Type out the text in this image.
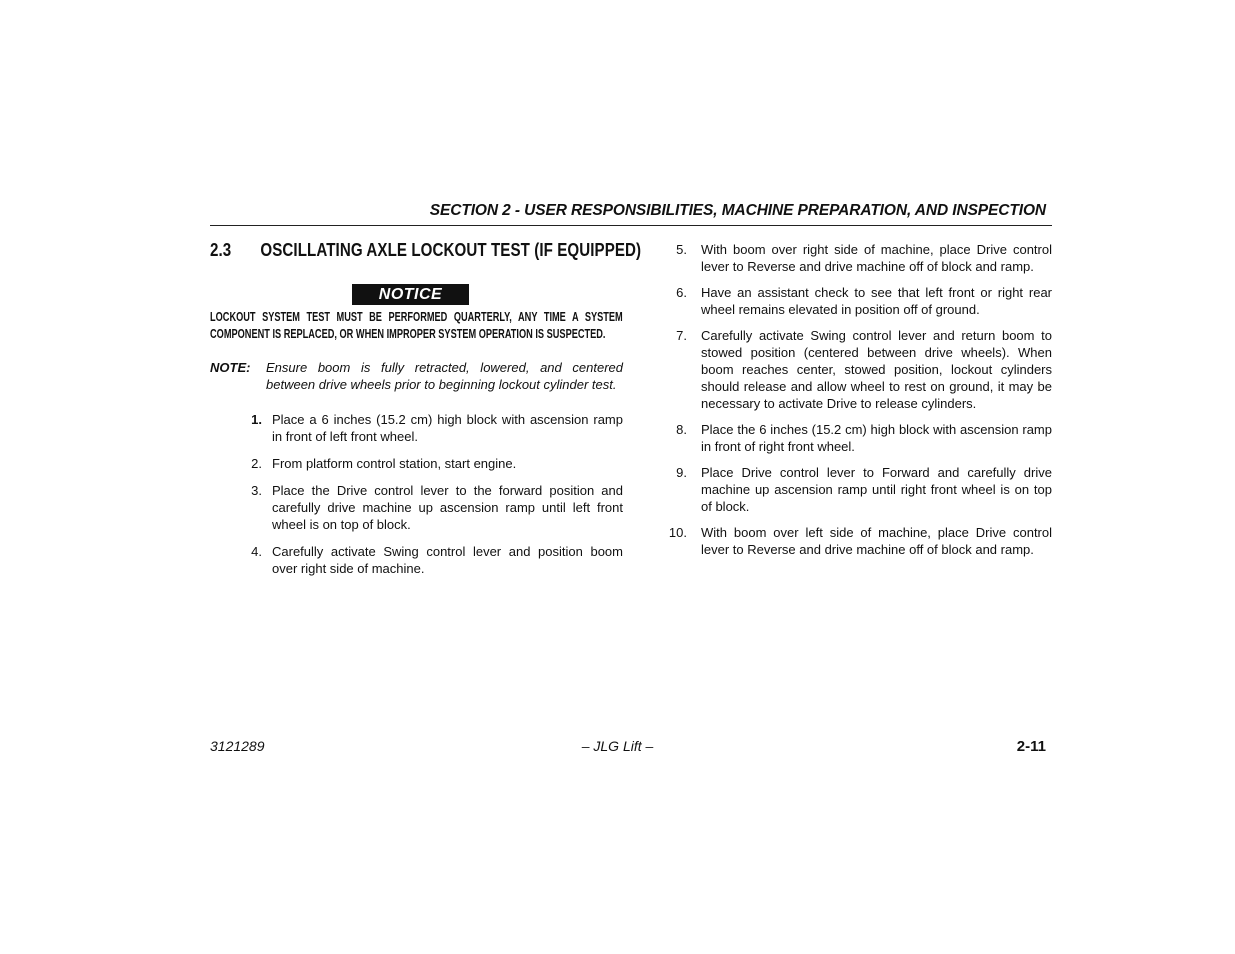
SECTION 2 - USER RESPONSIBILITIES, MACHINE PREPARATION, AND INSPECTION
2.3 OSCILLATING AXLE LOCKOUT TEST (IF EQUIPPED)
NOTICE

LOCKOUT SYSTEM TEST MUST BE PERFORMED QUARTERLY, ANY TIME A SYSTEM COMPONENT IS REPLACED, OR WHEN IMPROPER SYSTEM OPERATION IS SUSPECTED.

NOTE: Ensure boom is fully retracted, lowered, and centered between drive wheels prior to beginning lockout cylinder test.
1. Place a 6 inches (15.2 cm) high block with ascension ramp in front of left front wheel.
2. From platform control station, start engine.
3. Place the Drive control lever to the forward position and carefully drive machine up ascension ramp until left front wheel is on top of block.
4. Carefully activate Swing control lever and position boom over right side of machine.
5. With boom over right side of machine, place Drive control lever to Reverse and drive machine off of block and ramp.
6. Have an assistant check to see that left front or right rear wheel remains elevated in position off of ground.
7. Carefully activate Swing control lever and return boom to stowed position (centered between drive wheels). When boom reaches center, stowed position, lockout cylinders should release and allow wheel to rest on ground, it may be necessary to activate Drive to release cylinders.
8. Place the 6 inches (15.2 cm) high block with ascension ramp in front of right front wheel.
9. Place Drive control lever to Forward and carefully drive machine up ascension ramp until right front wheel is on top of block.
10. With boom over left side of machine, place Drive control lever to Reverse and drive machine off of block and ramp.
3121289	– JLG Lift –	2-11
